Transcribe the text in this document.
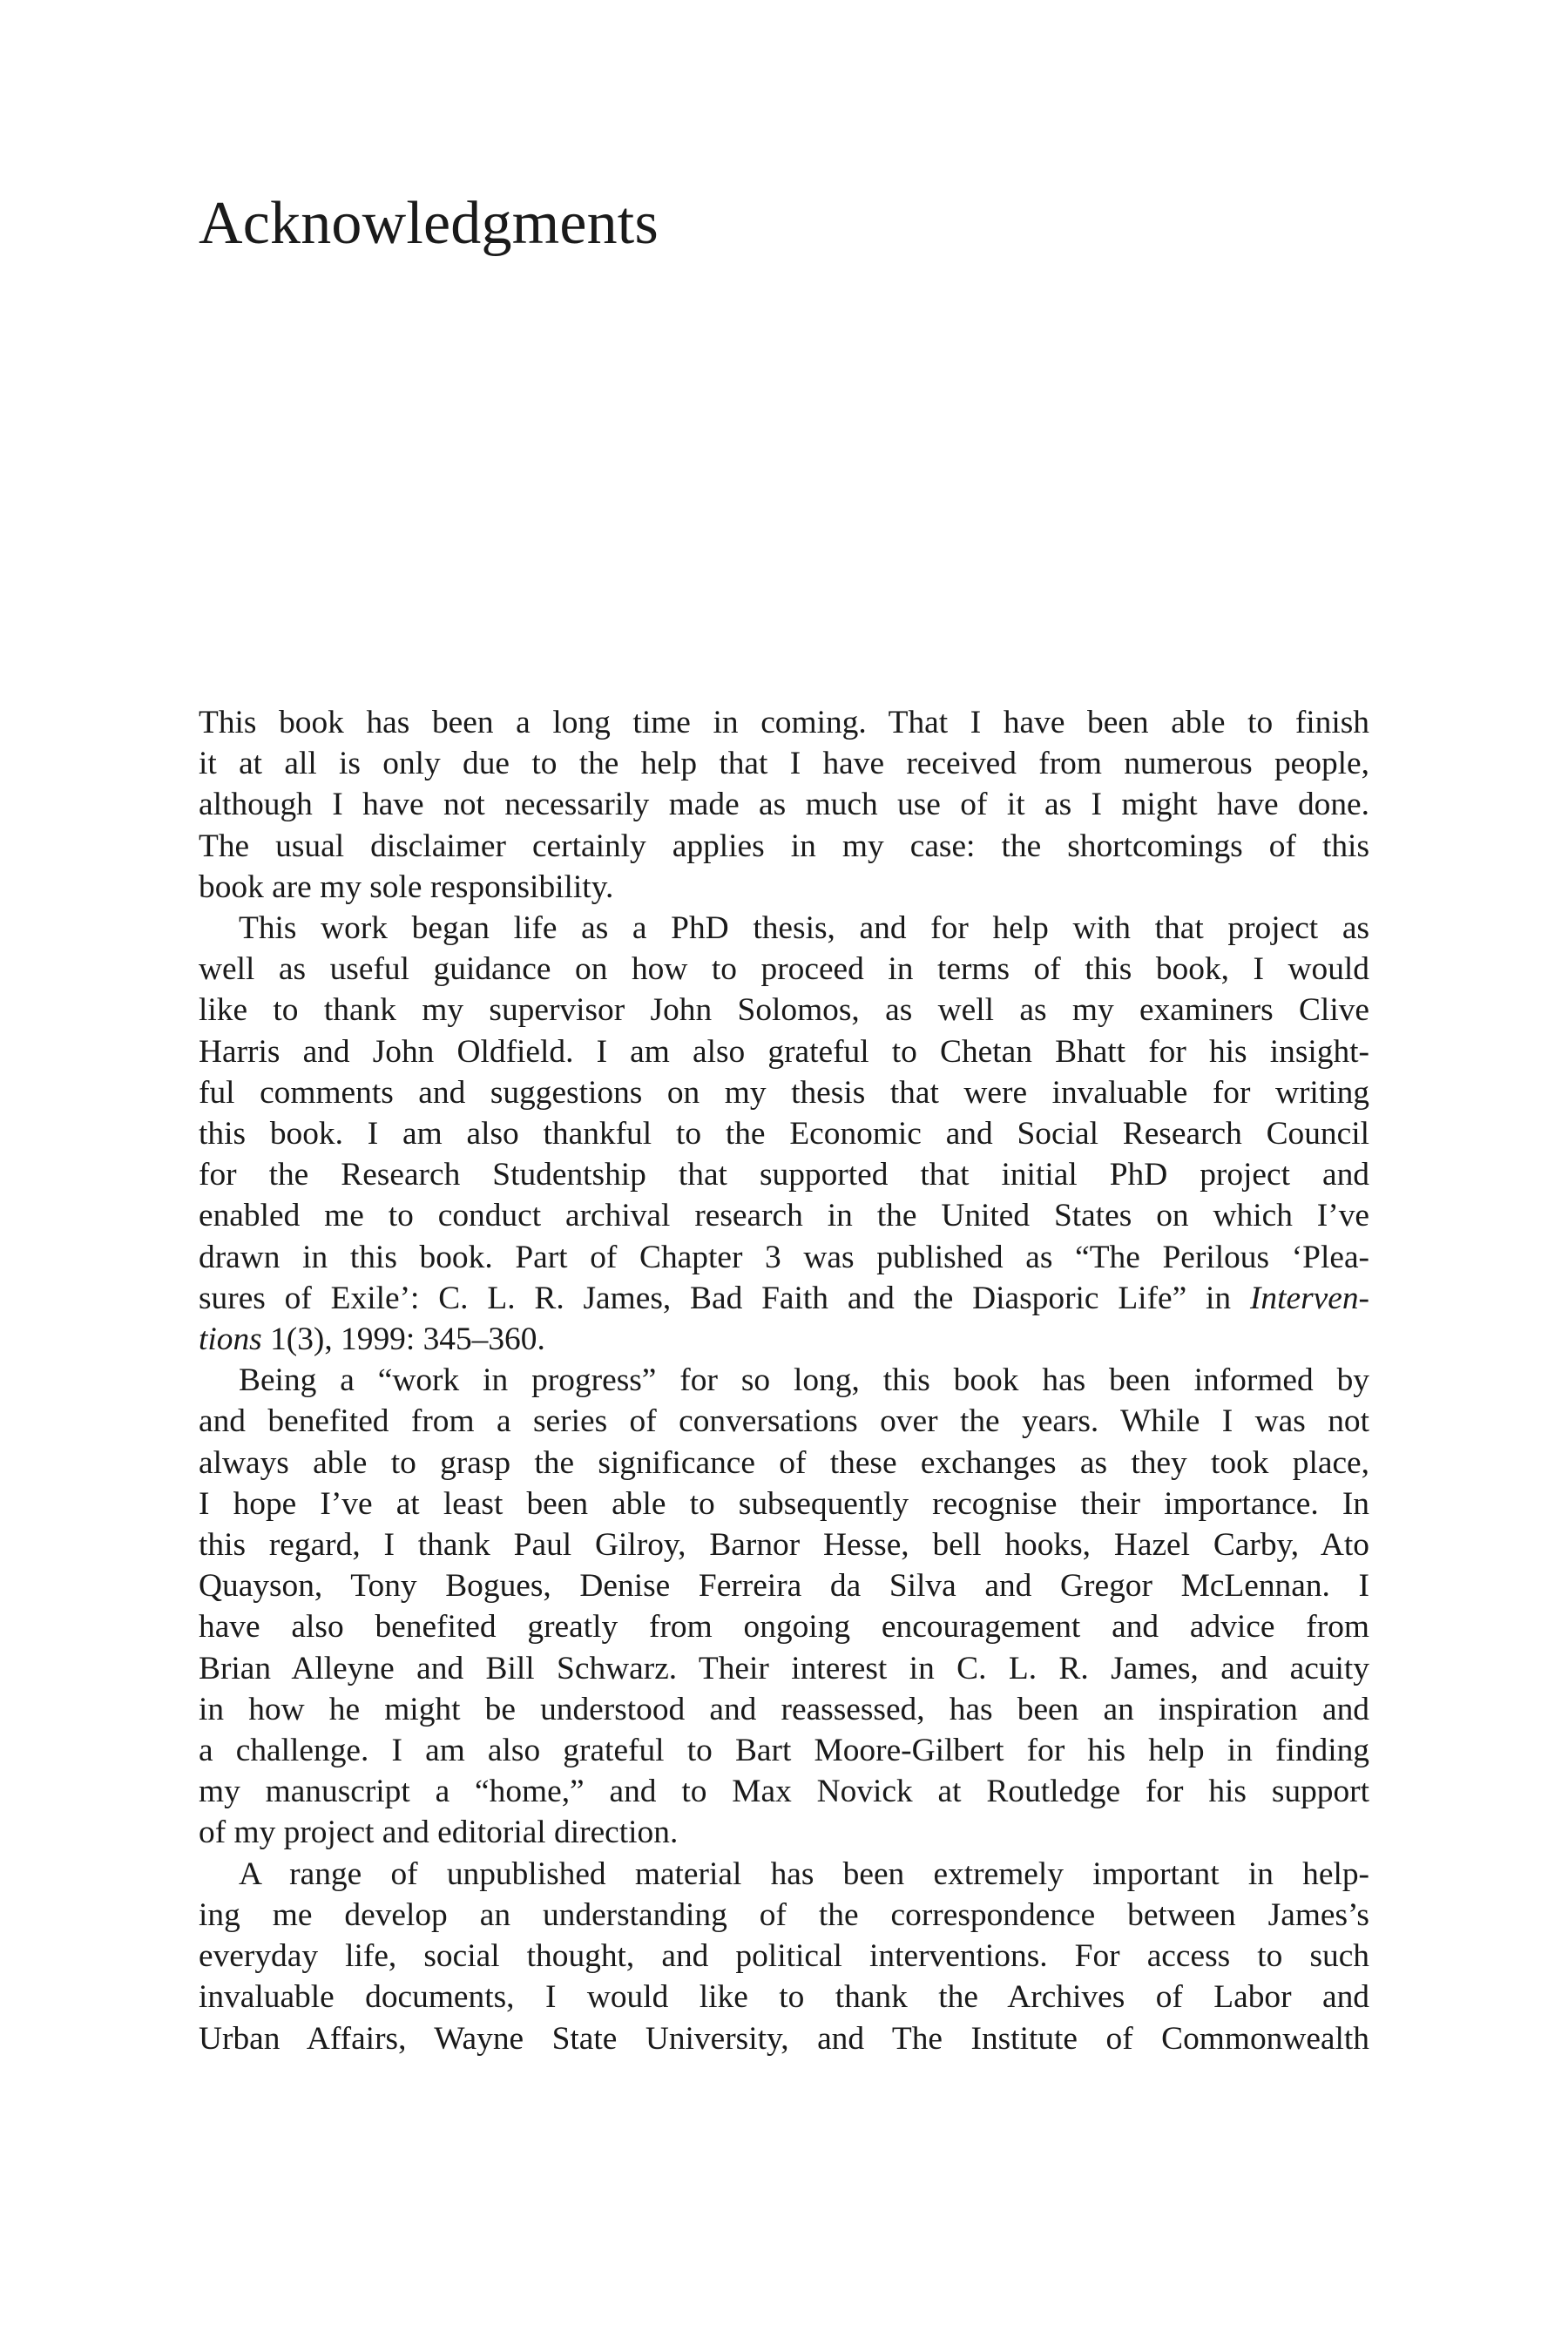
Acknowledgments

This book has been a long time in coming. That I have been able to finish
it at all is only due to the help that I have received from numerous people,
although I have not necessarily made as much use of it as I might have done.
The usual disclaimer certainly applies in my case: the shortcomings of this
book are my sole responsibility.

This work began life as a PhD thesis, and for help with that project as
well as useful guidance on how to proceed in terms of this book, I would
like to thank my supervisor John Solomos, as well as my examiners Clive
Harris and John Oldfield. I am also grateful to Chetan Bhatt for his insight-
ful comments and suggestions on my thesis that were invaluable for writing
this book. I am also thankful to the Economic and Social Research Council
for the Research Studentship that supported that initial PhD project and
enabled me to conduct archival research in the United States on which I’ve
drawn in this book. Part of Chapter 3 was published as “The Perilous ‘Plea-
sures of Exile’: C. L. R. James, Bad Faith and the Diasporic Life” in Interven-
tions 1(3), 1999: 345–360.

Being a “work in progress” for so long, this book has been informed by
and benefited from a series of conversations over the years. While I was not
always able to grasp the significance of these exchanges as they took place,
I hope I’ve at least been able to subsequently recognise their importance. In
this regard, I thank Paul Gilroy, Barnor Hesse, bell hooks, Hazel Carby, Ato
Quayson, Tony Bogues, Denise Ferreira da Silva and Gregor McLennan. I
have also benefited greatly from ongoing encouragement and advice from
Brian Alleyne and Bill Schwarz. Their interest in C. L. R. James, and acuity
in how he might be understood and reassessed, has been an inspiration and
a challenge. I am also grateful to Bart Moore-Gilbert for his help in finding
my manuscript a “home,” and to Max Novick at Routledge for his support
of my project and editorial direction.

A range of unpublished material has been extremely important in help-
ing me develop an understanding of the correspondence between James’s
everyday life, social thought, and political interventions. For access to such
invaluable documents, I would like to thank the Archives of Labor and
Urban Affairs, Wayne State University, and The Institute of Commonwealth
